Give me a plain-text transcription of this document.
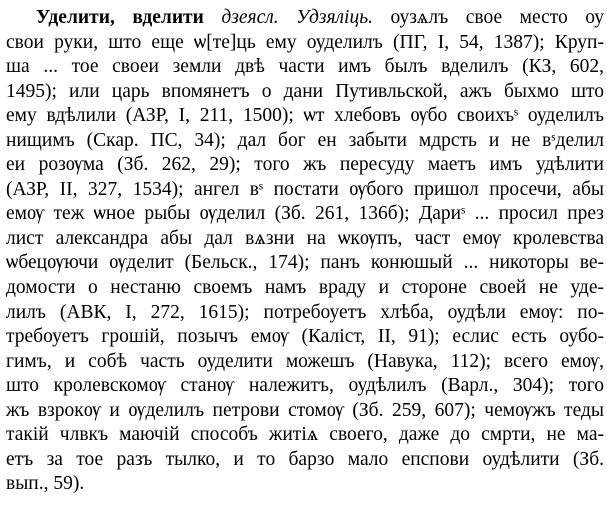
Уделити, вделити дзеясл. Удзяліць. оузѧлъ свое место оу
свои руки, што еще ѡ[те]ць ему оуделилъ (ПГ, I, 54, 1387); Круп-
ша ... тое своеи земли двѣ части имъ былъ вделилъ (КЗ, 602,
1495); или царь впомянетъ о дани Путивльской, ажъ быхмо што
ему вдѣлили (АЗР, I, 211, 1500); ѡт хлебовъ ѹбо своихъˢ оуделилъ
нищимъ (Скар. ПС, 34); дал бог ен забыти мдрсть и не вˢделил
еи розѹма (Зб. 262, 29); того жъ пересуду маетъ имъ удѣлити
(АЗР, II, 327, 1534); ангел вˢ постати ѹбого пришол просечи, абы
емѹ теж ѡное рыбы ѹделил (Зб. 261, 136б); Дариˢ ... просил през
лист александра абы дал вѧзни на ѡкѹпъ, част емѹ кролевства
ѡбецѹючи ѹделит (Бельск., 174); панъ конюшый ... никоторы ве-
домости о нестаню своемъ намъ враду и стороне своей не уде-
лилъ (АВК, I, 272, 1615); потребоуетъ хлѣба, оудѣли емѹ: по-
требоуетъ грошій, позычъ емѹ (Каліст, II, 91); еслис есть оубо-
гимъ, и собѣ часть оуделити можешъ (Навука, 112); всего емѹ,
што кролевскомѹ станѹ належитъ, оудѣлилъ (Варл., 304); того
жъ взрокѹ и ѹделилъ петрови стомѹ (Зб. 259, 607); чемѹжъ теды
такій члвкъ маючій способъ житіѧ своего, даже до смрти, не ма-
етъ за тое разъ тылко, и то барзо мало епспови оудѣлити (Зб.
вып., 59).
